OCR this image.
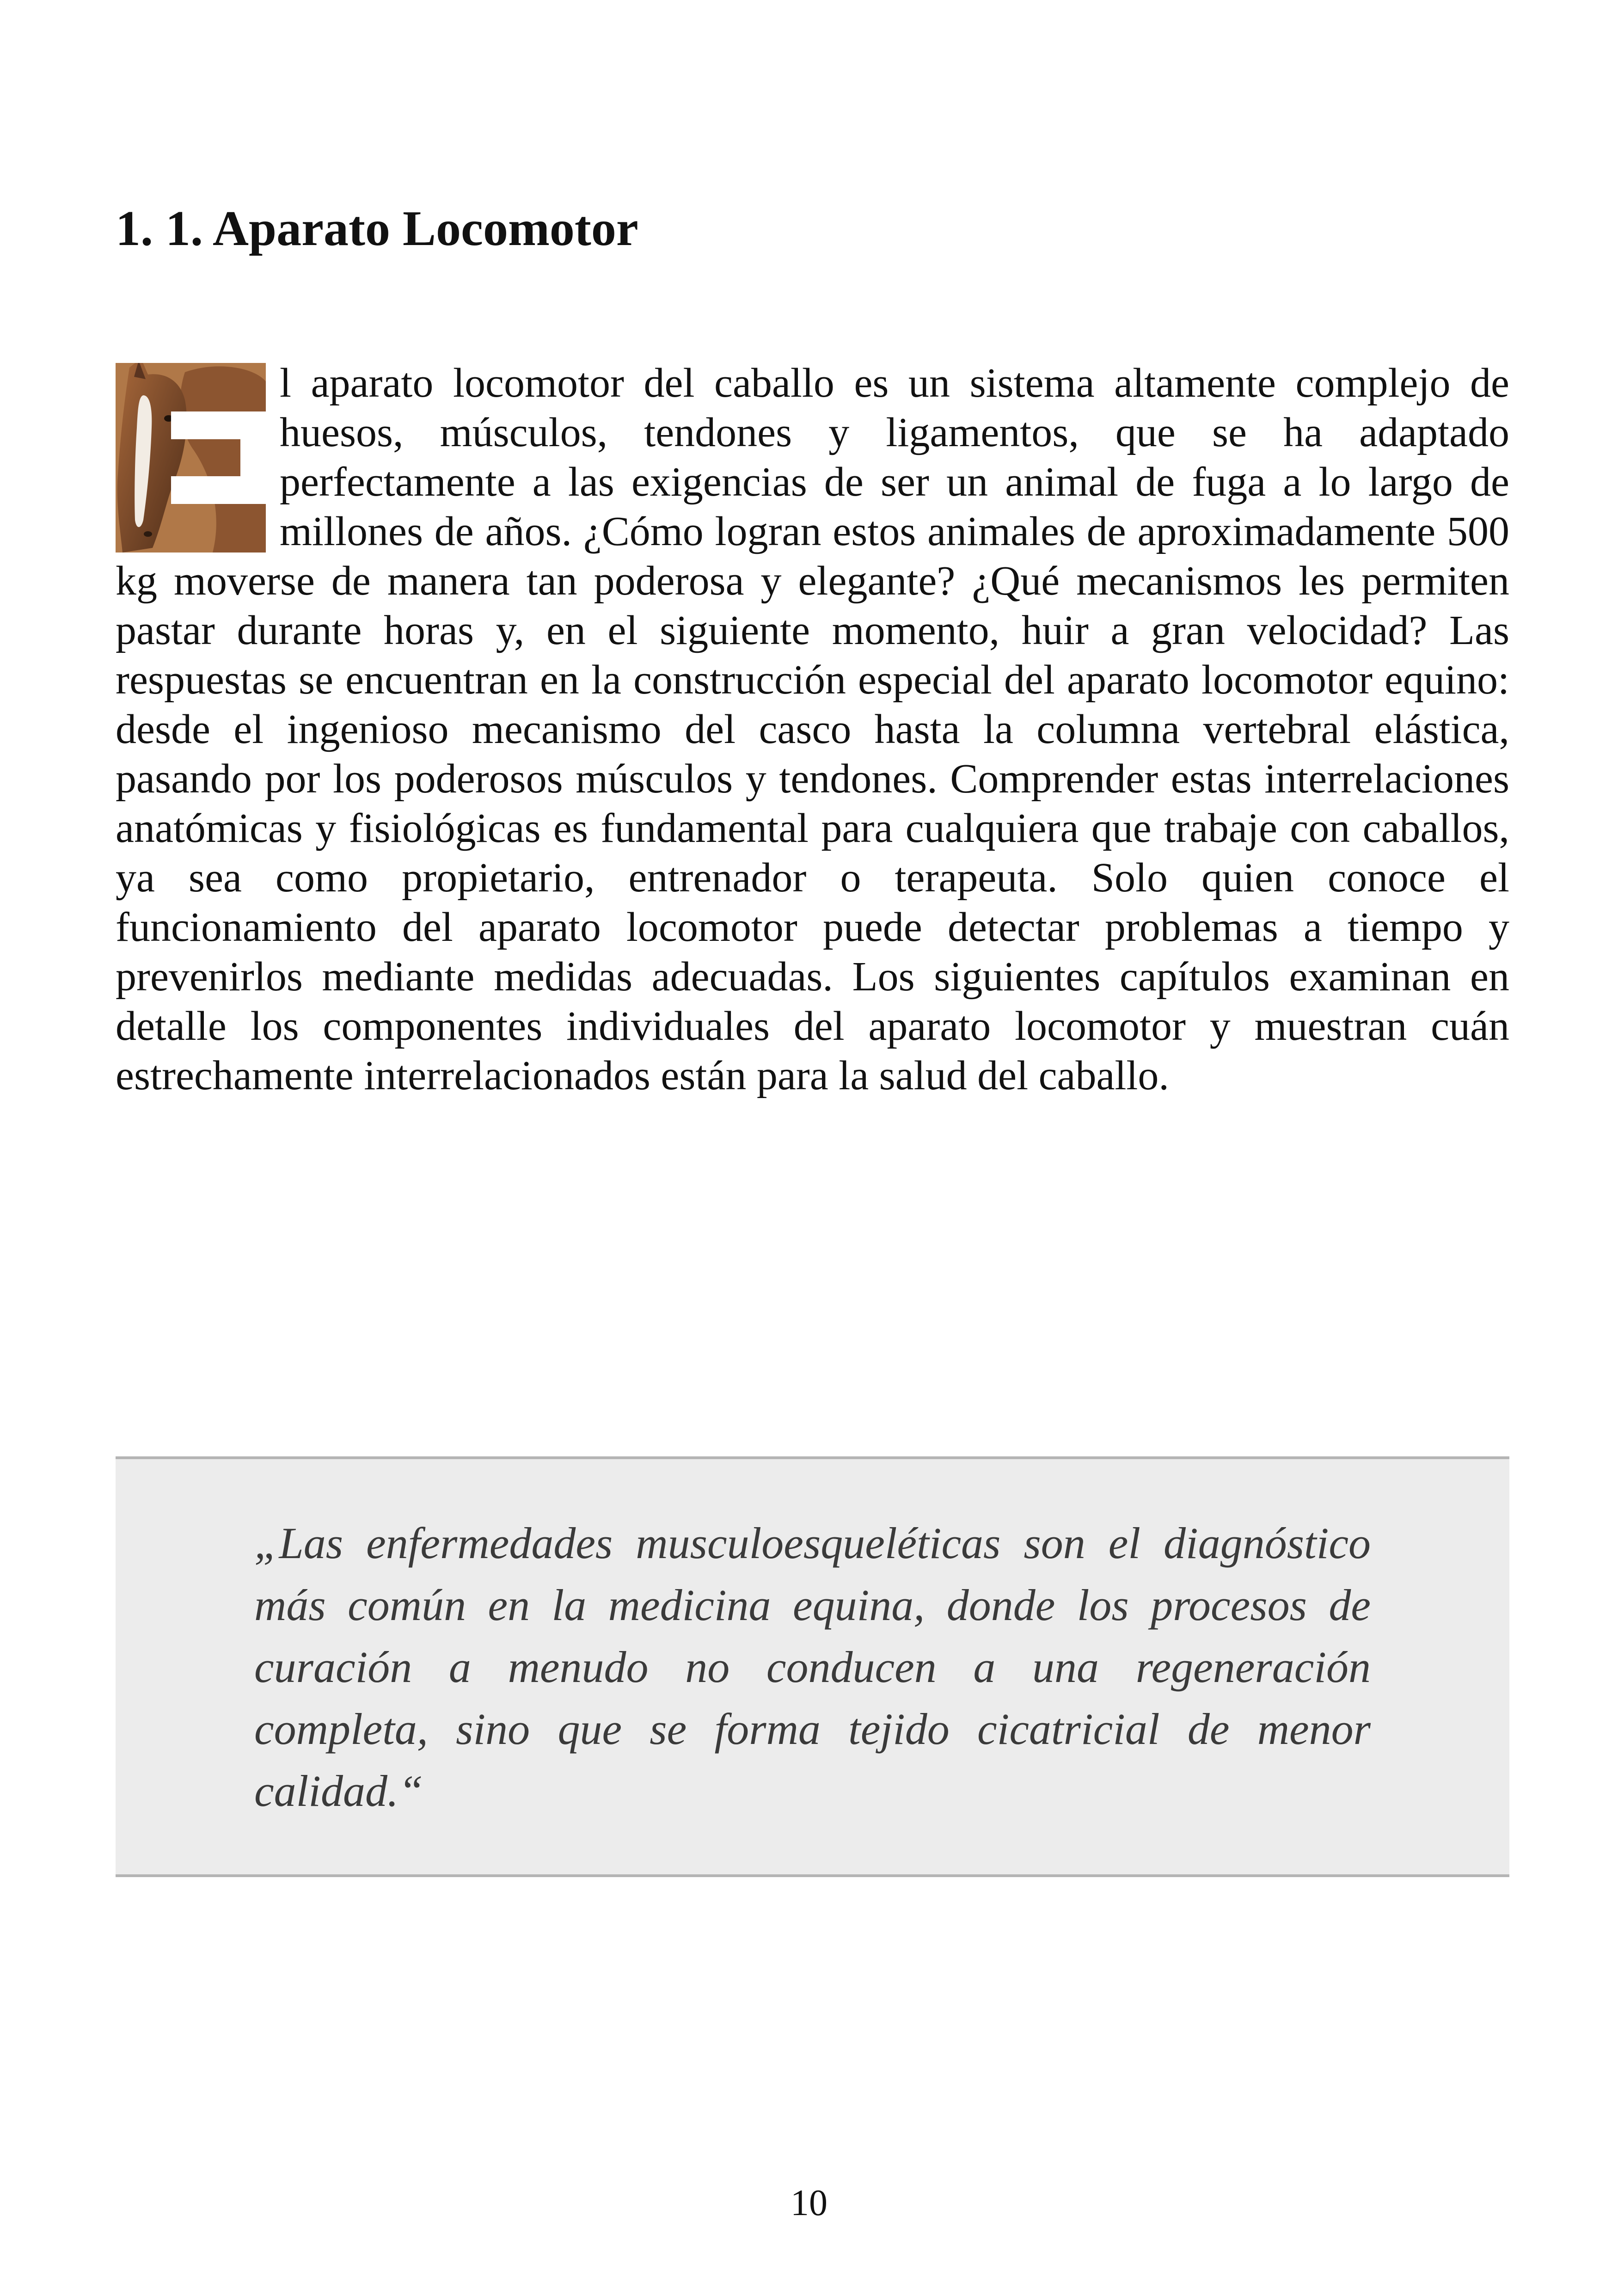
1. 1. Aparato Locomotor

l aparato locomotor del caballo es un sistema altamente complejo de huesos, músculos, tendones y ligamentos, que se ha adaptado perfectamente a las exigencias de ser un animal de fuga a lo largo de millones de años. ¿Cómo logran estos animales de aproximadamente 500 kg moverse de manera tan poderosa y elegante? ¿Qué mecanismos les permiten pastar durante horas y, en el siguiente momento, huir a gran velocidad? Las respuestas se encuentran en la construcción especial del aparato locomotor equino: desde el ingenioso mecanismo del casco hasta la columna vertebral elástica, pasando por los poderosos músculos y tendones. Comprender estas interrelaciones anatómicas y fisiológicas es fundamental para cualquiera que trabaje con caballos, ya sea como propietario, entrenador o terapeuta. Solo quien conoce el funcionamiento del aparato locomotor puede detectar problemas a tiempo y prevenirlos mediante medidas adecuadas. Los siguientes capítulos examinan en detalle los componentes individuales del aparato locomotor y muestran cuán estrechamente interrelacionados están para la salud del caballo.

„Las enfermedades musculoesqueléticas son el diagnóstico más común en la medicina equina, donde los procesos de curación a menudo no conducen a una regeneración completa, sino que se forma tejido cicatricial de menor calidad.“

10
